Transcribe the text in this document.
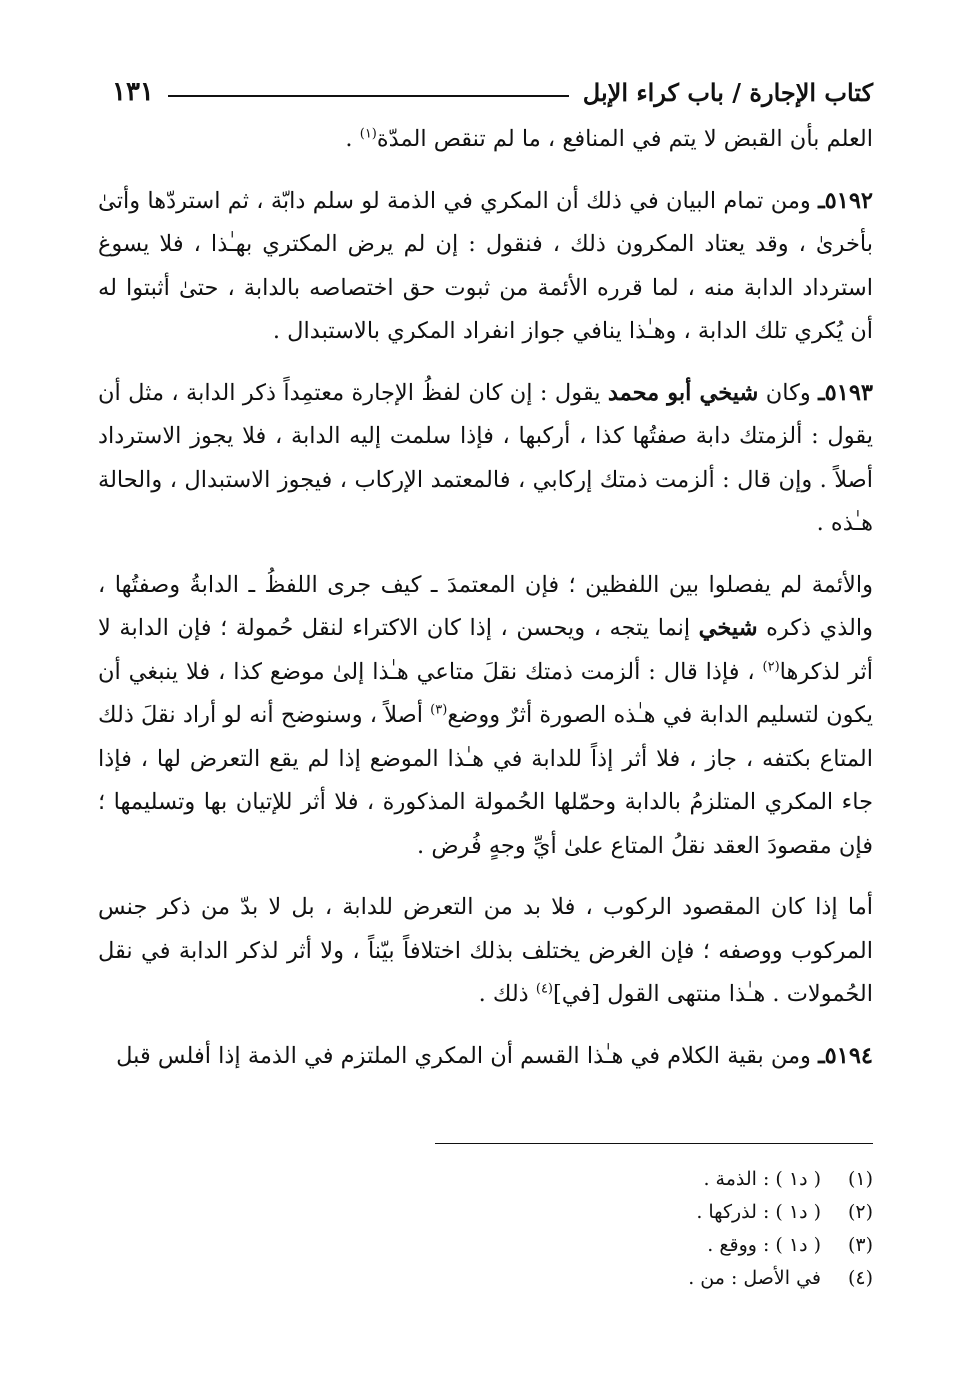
كتاب الإجارة / باب كراء الإبل
١٣١

العلم بأن القبض لا يتم في المنافع ، ما لم تنقص المدّة$^{(١)}$ .

٥١٩٢ـ ومن تمام البيان في ذلك أن المكري في الذمة لو سلم دابّة ، ثم استردّها وأتىٰ بأخرىٰ ، وقد يعتاد المكرون ذلك ، فنقول : إن لم يرض المكتري بهـٰذا ، فلا يسوغ استرداد الدابة منه ، لما قرره الأئمة من ثبوت حق اختصاصه بالدابة ، حتىٰ أثبتوا له أن يُكري تلك الدابة ، وهـٰذا ينافي جواز انفراد المكري بالاستبدال .

٥١٩٣ـ وكان شيخي أبو محمد يقول : إن كان لفظُ الإجارة معتمِداً ذكر الدابة ، مثل أن يقول : ألزمتك دابة صفتُها كذا ، أركبها ، فإذا سلمت إليه الدابة ، فلا يجوز الاسترداد أصلاً . وإن قال : ألزمت ذمتك إركابي ، فالمعتمد الإركاب ، فيجوز الاستبدال ، والحالة هـٰذه .

والأئمة لم يفصلوا بين اللفظين ؛ فإن المعتمدَ ـ كيف جرى اللفظُ ـ الدابةُ وصفتُها ، والذي ذكره شيخي إنما يتجه ، ويحسن ، إذا كان الاكتراء لنقل حُمولة ؛ فإن الدابة لا أثر لذكرها$^{(٢)}$ ، فإذا قال : ألزمت ذمتك نقلَ متاعي هـٰذا إلىٰ موضع كذا ، فلا ينبغي أن يكون لتسليم الدابة في هـٰذه الصورة أثرٌ ووضع$^{(٣)}$ أصلاً ، وسنوضح أنه لو أراد نقلَ ذلك المتاع بكتفه ، جاز ، فلا أثر إذاً للدابة في هـٰذا الموضع إذا لم يقع التعرض لها ، فإذا جاء المكري المتلزمُ بالدابة وحمّلها الحُمولة المذكورة ، فلا أثر للإتيان بها وتسليمها ؛ فإن مقصودَ العقد نقلُ المتاع علىٰ أيِّ وجهٍ فُرض .

أما إذا كان المقصود الركوب ، فلا بد من التعرض للدابة ، بل لا بدّ من ذكر جنس المركوب ووصفه ؛ فإن الغرض يختلف بذلك اختلافاً بيّناً ، ولا أثر لذكر الدابة في نقل الحُمولات . هـٰذا منتهى القول [في]$^{(٤)}$ ذلك .

٥١٩٤ـ ومن بقية الكلام في هـٰذا القسم أن المكري الملتزم في الذمة إذا أفلس قبل

(١)( د١ ) : الذمة .
(٢)( د١ ) : لذركها .
(٣)( د١ ) : ووقع .
(٤)في الأصل : من .
